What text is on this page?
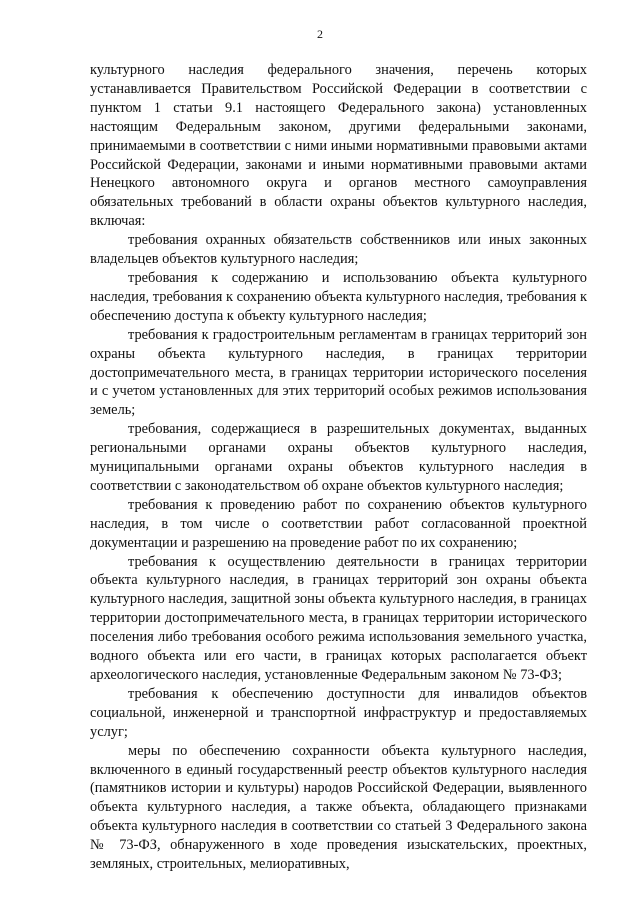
2

культурного наследия федерального значения, перечень которых устанавливается Правительством Российской Федерации в соответствии с пунктом 1 статьи 9.1 настоящего Федерального закона) установленных настоящим Федеральным законом, другими федеральными законами, принимаемыми в соответствии с ними иными нормативными правовыми актами Российской Федерации, законами и иными нормативными правовыми актами Ненецкого автономного округа и органов местного самоуправления обязательных требований в области охраны объектов культурного наследия, включая:

требования охранных обязательств собственников или иных законных владельцев объектов культурного наследия;

требования к содержанию и использованию объекта культурного наследия, требования к сохранению объекта культурного наследия, требования к обеспечению доступа к объекту культурного наследия;

требования к градостроительным регламентам в границах территорий зон охраны объекта культурного наследия, в границах территории достопримечательного места, в границах территории исторического поселения и с учетом установленных для этих территорий особых режимов использования земель;

требования, содержащиеся в разрешительных документах, выданных региональными органами охраны объектов культурного наследия, муниципальными органами охраны объектов культурного наследия в соответствии с законодательством об охране объектов культурного наследия;

требования к проведению работ по сохранению объектов культурного наследия, в том числе о соответствии работ согласованной проектной документации и разрешению на проведение работ по их сохранению;

требования к осуществлению деятельности в границах территории объекта культурного наследия, в границах территорий зон охраны объекта культурного наследия, защитной зоны объекта культурного наследия, в границах территории достопримечательного места, в границах территории исторического поселения либо требования особого режима использования земельного участка, водного объекта или его части, в границах которых располагается объект археологического наследия, установленные Федеральным законом № 73-ФЗ;

требования к обеспечению доступности для инвалидов объектов социальной, инженерной и транспортной инфраструктур и предоставляемых услуг;

меры по обеспечению сохранности объекта культурного наследия, включенного в единый государственный реестр объектов культурного наследия (памятников истории и культуры) народов Российской Федерации, выявленного объекта культурного наследия, а также объекта, обладающего признаками объекта культурного наследия в соответствии со статьей 3 Федерального закона № 73-ФЗ, обнаруженного в ходе проведения изыскательских, проектных, земляных, строительных, мелиоративных,
